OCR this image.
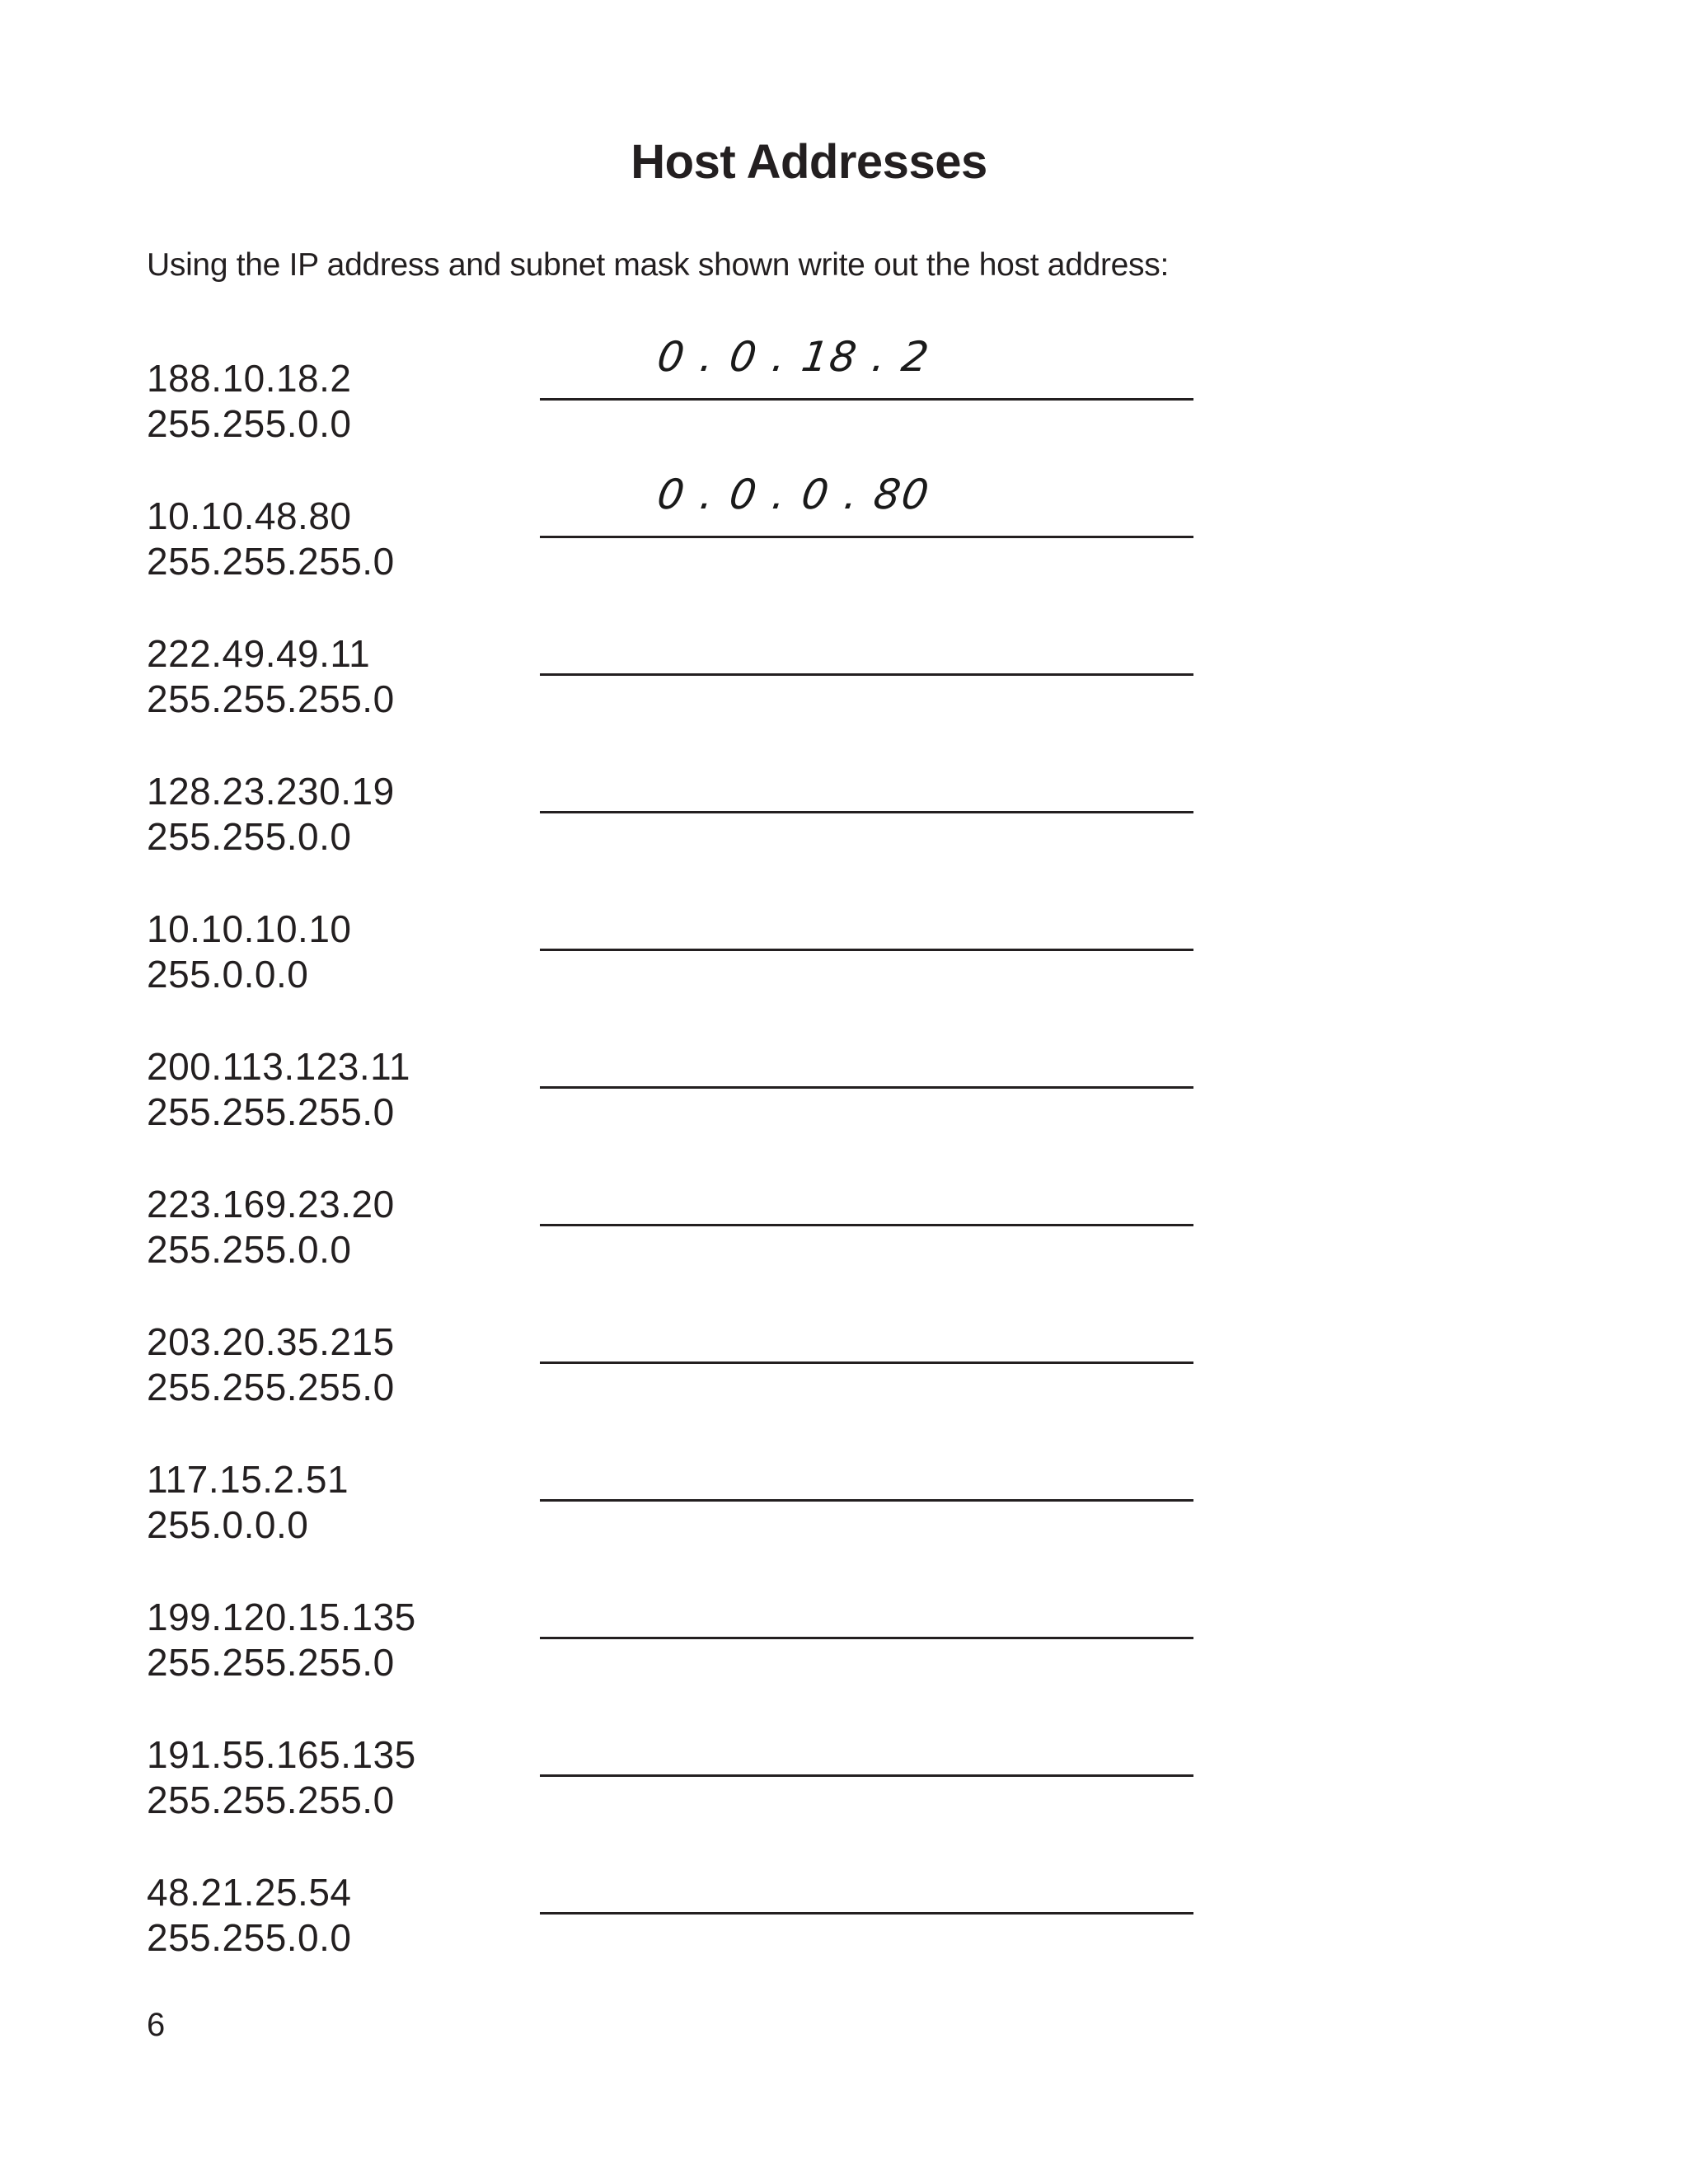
Host Addresses

Using the IP address and subnet mask shown write out the host address:

188.10.18.2
255.255.0.0
0 . 0 . 18 . 2
10.10.48.80
255.255.255.0
0 . 0 . 0 . 80
222.49.49.11
255.255.255.0
128.23.230.19
255.255.0.0
10.10.10.10
255.0.0.0
200.113.123.11
255.255.255.0
223.169.23.20
255.255.0.0
203.20.35.215
255.255.255.0
117.15.2.51
255.0.0.0
199.120.15.135
255.255.255.0
191.55.165.135
255.255.255.0
48.21.25.54
255.255.0.0
6
